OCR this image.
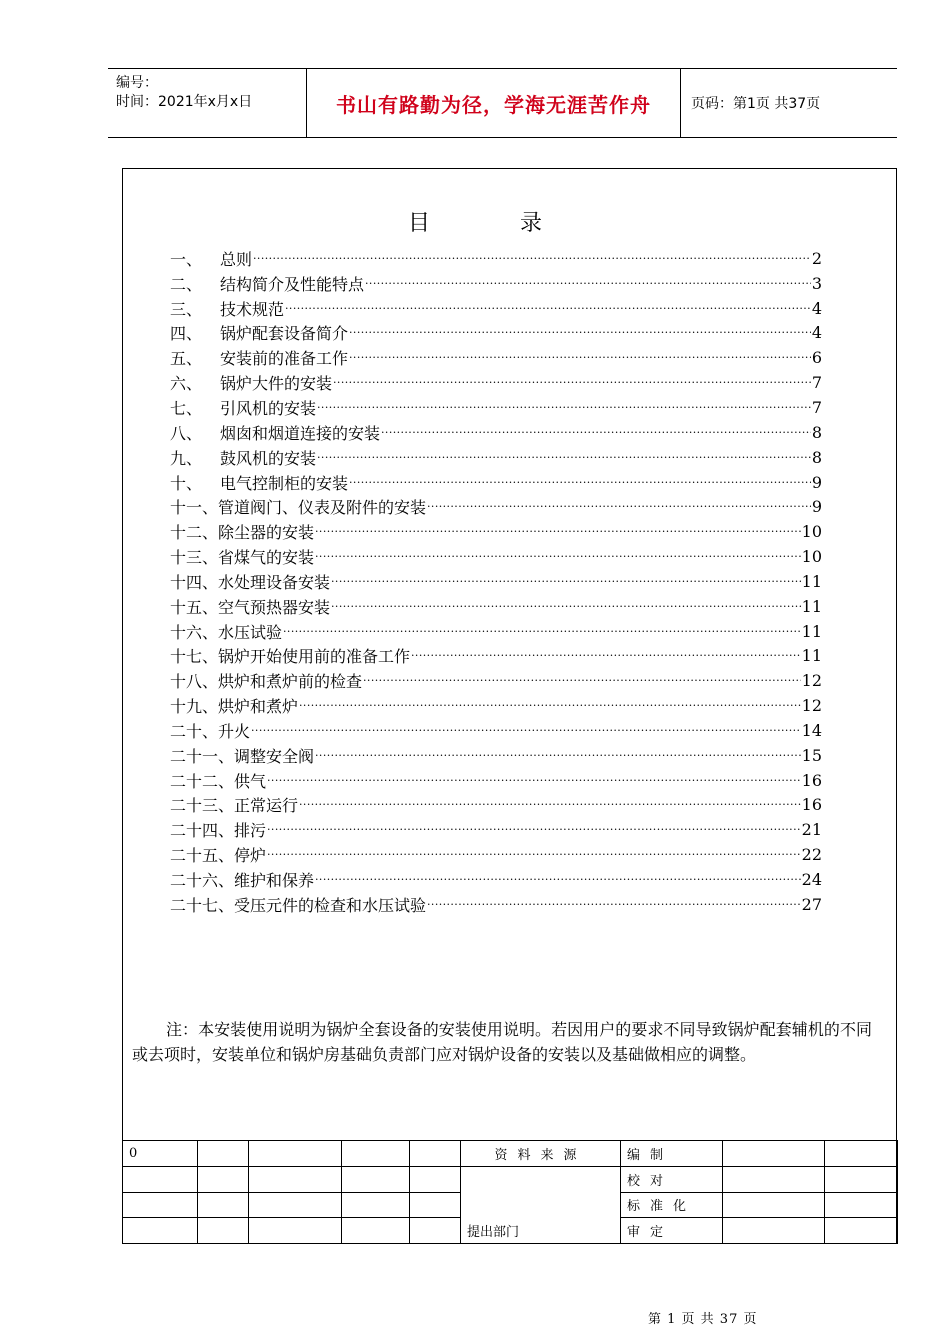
编号：
时间：2021年x月x日	书山有路勤为径，学海无涯苦作舟	页码：第1页 共37页
目　录
一、 总则 ·····	2
二、 结构简介及性能特点 ·····	3
三、 技术规范 ·····	4
四、 锅炉配套设备简介 ·····	4
五、 安装前的准备工作 ·····	6
六、 锅炉大件的安装 ·····	7
七、 引风机的安装 ·····	7
八、 烟囱和烟道连接的安装 ·····	8
九、 鼓风机的安装 ·····	8
十、 电气控制柜的安装 ·····	9
十一、 管道阀门、仪表及附件的安装 ·····	9
十二、 除尘器的安装 ·····	10
十三、 省煤气的安装 ·····	10
十四、 水处理设备安装 ·····	11
十五、 空气预热器安装 ·····	11
十六、 水压试验 ·····	11
十七、 锅炉开始使用前的准备工作 ·····	11
十八、 烘炉和煮炉前的检查 ·····	12
十九、 烘炉和煮炉 ·····	12
二十、 升火 ·····	14
二十一、 调整安全阀 ·····	15
二十二、 供气 ·····	16
二十三、 正常运行 ·····	16
二十四、 排污 ·····	21
二十五、 停炉 ·····	22
二十六、 维护和保养 ·····	24
二十七、 受压元件的检查和水压试验 ·····	27
注：本安装使用说明为锅炉全套设备的安装使用说明。若因用户的要求不同导致锅炉配套辅机的不同或去项时，安装单位和锅炉房基础负责部门应对锅炉设备的安装以及基础做相应的调整。
0					资料来源	编制		
						校对		
						标准化		
					提出部门	审定		
第 1 页 共 37 页
